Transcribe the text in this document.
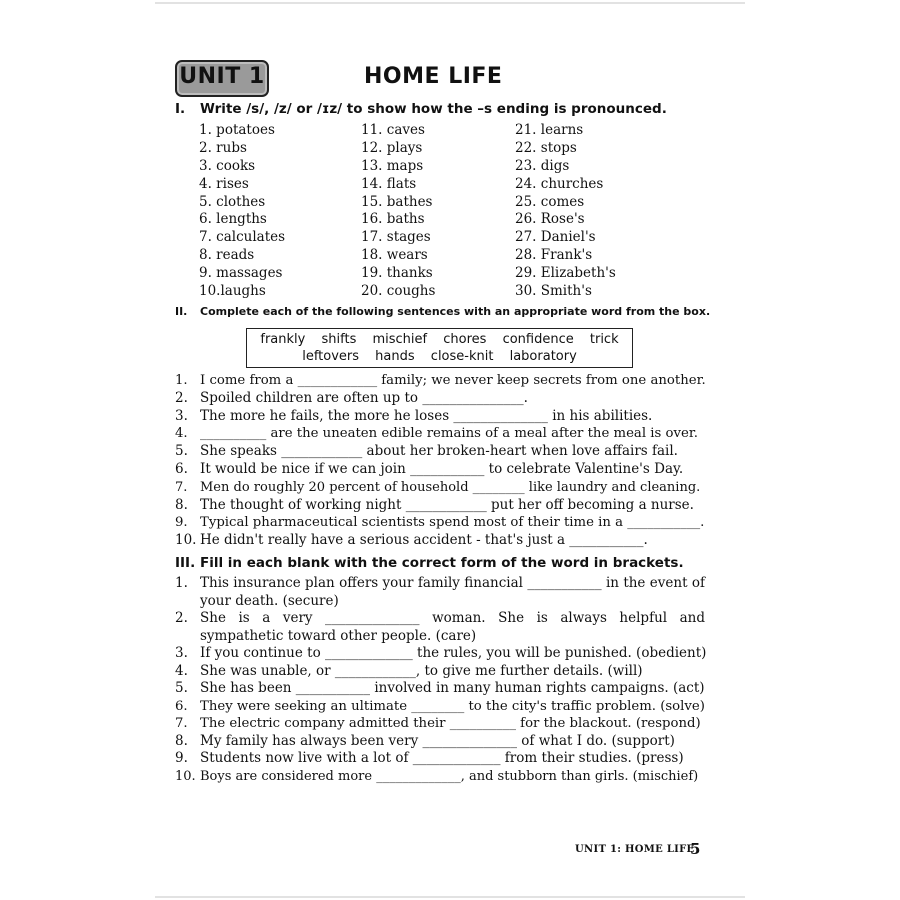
UNIT 1	HOME LIFE
I. Write /s/, /z/ or /ɪz/ to show how the –s ending is pronounced.
1. potatoes
2. rubs
3. cooks
4. rises
5. clothes
6. lengths
7. calculates
8. reads
9. massages
10.laughs
11. caves
12. plays
13. maps
14. flats
15. bathes
16. baths
17. stages
18. wears
19. thanks
20. coughs
21. learns
22. stops
23. digs
24. churches
25. comes
26. Rose's
27. Daniel's
28. Frank's
29. Elizabeth's
30. Smith's
II. Complete each of the following sentences with an appropriate word from the box.
frankly shifts mischief chores confidence trick
leftovers hands close-knit laboratory
1. I come from a ____________ family; we never keep secrets from one another.
2. Spoiled children are often up to _______________.
3. The more he fails, the more he loses ______________ in his abilities.
4. __________ are the uneaten edible remains of a meal after the meal is over.
5. She speaks ____________ about her broken-heart when love affairs fail.
6. It would be nice if we can join ___________ to celebrate Valentine's Day.
7. Men do roughly 20 percent of household ________ like laundry and cleaning.
8. The thought of working night ____________ put her off becoming a nurse.
9. Typical pharmaceutical scientists spend most of their time in a ___________.
10. He didn't really have a serious accident - that's just a ___________.
III. Fill in each blank with the correct form of the word in brackets.
1. This insurance plan offers your family financial ___________ in the event of your death. (secure)
2. She is a very ______________ woman. She is always helpful and sympathetic toward other people. (care)
3. If you continue to _____________ the rules, you will be punished. (obedient)
4. She was unable, or ____________, to give me further details. (will)
5. She has been ___________ involved in many human rights campaigns. (act)
6. They were seeking an ultimate ________ to the city's traffic problem. (solve)
7. The electric company admitted their __________ for the blackout. (respond)
8. My family has always been very ______________ of what I do. (support)
9. Students now live with a lot of _____________ from their studies. (press)
10. Boys are considered more _____________, and stubborn than girls. (mischief)
UNIT 1: HOME LIFE
5
